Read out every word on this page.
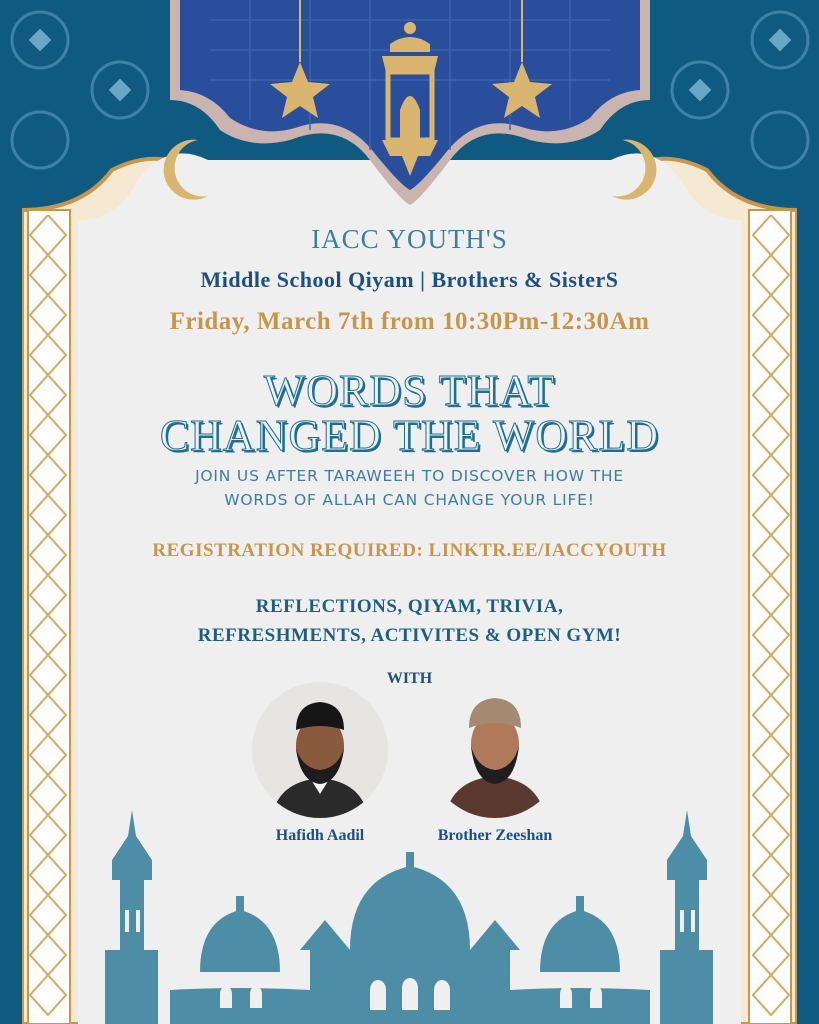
IACC YOUTH'S
Middle School Qiyam | Brothers & SisterS
Friday, March 7th from 10:30Pm-12:30Am
WORDS THAT
CHANGED THE WORLD
JOIN US AFTER TARAWEEH TO DISCOVER HOW THE
WORDS OF ALLAH CAN CHANGE YOUR LIFE!
REGISTRATION REQUIRED: LINKTR.EE/IACCYOUTH
REFLECTIONS, QIYAM, TRIVIA,
REFRESHMENTS, ACTIVITES & OPEN GYM!
WITH
Hafidh Aadil	Brother Zeeshan
